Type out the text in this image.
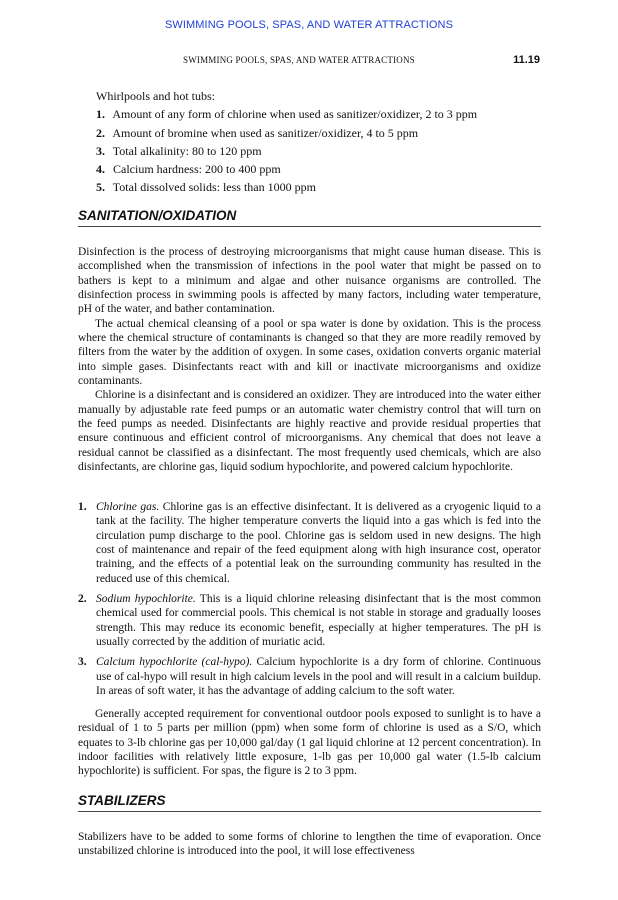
SWIMMING POOLS, SPAS, AND WATER ATTRACTIONS
SWIMMING POOLS, SPAS, AND WATER ATTRACTIONS	11.19
Whirlpools and hot tubs:
1. Amount of any form of chlorine when used as sanitizer/oxidizer, 2 to 3 ppm
2. Amount of bromine when used as sanitizer/oxidizer, 4 to 5 ppm
3. Total alkalinity: 80 to 120 ppm
4. Calcium hardness: 200 to 400 ppm
5. Total dissolved solids: less than 1000 ppm
SANITATION/OXIDATION

Disinfection is the process of destroying microorganisms that might cause human disease. This is accomplished when the transmission of infections in the pool water that might be passed on to bathers is kept to a minimum and algae and other nuisance organisms are controlled. The disinfection process in swimming pools is affected by many factors, including water temperature, pH of the water, and bather contamination.

The actual chemical cleansing of a pool or spa water is done by oxidation. This is the process where the chemical structure of contaminants is changed so that they are more readily removed by filters from the water by the addition of oxygen. In some cases, oxidation converts organic material into simple gases. Disinfectants react with and kill or inactivate microorganisms and oxidize contaminants.

Chlorine is a disinfectant and is considered an oxidizer. They are introduced into the water either manually by adjustable rate feed pumps or an automatic water chemistry control that will turn on the feed pumps as needed. Disinfectants are highly reactive and provide residual properties that ensure continuous and efficient control of microorganisms. Any chemical that does not leave a residual cannot be classified as a disinfectant. The most frequently used chemicals, which are also disinfectants, are chlorine gas, liquid sodium hypochlorite, and powered calcium hypochlorite.

1. Chlorine gas. Chlorine gas is an effective disinfectant. It is delivered as a cryogenic liquid to a tank at the facility. The higher temperature converts the liquid into a gas which is fed into the circulation pump discharge to the pool. Chlorine gas is seldom used in new designs. The high cost of maintenance and repair of the feed equipment along with high insurance cost, operator training, and the effects of a potential leak on the surrounding community has resulted in the reduced use of this chemical.
2. Sodium hypochlorite. This is a liquid chlorine releasing disinfectant that is the most common chemical used for commercial pools. This chemical is not stable in storage and gradually looses strength. This may reduce its economic benefit, especially at higher temperatures. The pH is usually corrected by the addition of muriatic acid.
3. Calcium hypochlorite (cal-hypo). Calcium hypochlorite is a dry form of chlorine. Continuous use of cal-hypo will result in high calcium levels in the pool and will result in a calcium buildup. In areas of soft water, it has the advantage of adding calcium to the soft water.

Generally accepted requirement for conventional outdoor pools exposed to sunlight is to have a residual of 1 to 5 parts per million (ppm) when some form of chlorine is used as a S/O, which equates to 3-lb chlorine gas per 10,000 gal/day (1 gal liquid chlorine at 12 percent concentration). In indoor facilities with relatively little exposure, 1-lb gas per 10,000 gal water (1.5-lb calcium hypochlorite) is sufficient. For spas, the figure is 2 to 3 ppm.

STABILIZERS

Stabilizers have to be added to some forms of chlorine to lengthen the time of evaporation. Once unstabilized chlorine is introduced into the pool, it will lose effectiveness
